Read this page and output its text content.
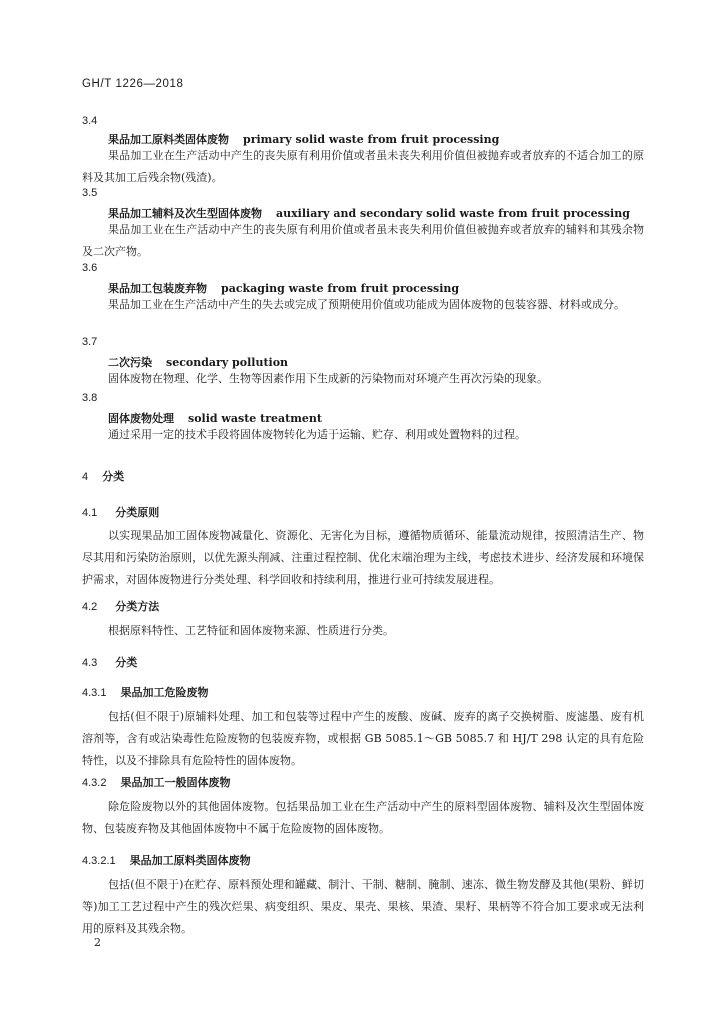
GH/T 1226—2018
3.4
果品加工原料类固体废物 primary solid waste from fruit processing

果品加工业在生产活动中产生的丧失原有利用价值或者虽未丧失利用价值但被抛弃或者放弃的不适合加工的原料及其加工后残余物(残渣)。

3.5
果品加工辅料及次生型固体废物 auxiliary and secondary solid waste from fruit processing

果品加工业在生产活动中产生的丧失原有利用价值或者虽未丧失利用价值但被抛弃或者放弃的辅料和其残余物及二次产物。

3.6
果品加工包装废弃物 packaging waste from fruit processing

果品加工业在生产活动中产生的失去或完成了预期使用价值或功能成为固体废物的包装容器、材料或成分。

3.7
二次污染 secondary pollution

固体废物在物理、化学、生物等因素作用下生成新的污染物而对环境产生再次污染的现象。

3.8
固体废物处理 solid waste treatment

通过采用一定的技术手段将固体废物转化为适于运输、贮存、利用或处置物料的过程。

4 分类
4.1 分类原则

以实现果品加工固体废物减量化、资源化、无害化为目标，遵循物质循环、能量流动规律，按照清洁生产、物尽其用和污染防治原则，以优先源头削减、注重过程控制、优化末端治理为主线，考虑技术进步、经济发展和环境保护需求，对固体废物进行分类处理、科学回收和持续利用，推进行业可持续发展进程。

4.2 分类方法

根据原料特性、工艺特征和固体废物来源、性质进行分类。

4.3 分类
4.3.1 果品加工危险废物

包括(但不限于)原辅料处理、加工和包装等过程中产生的废酸、废碱、废弃的离子交换树脂、废滤墨、废有机溶剂等，含有或沾染毒性危险废物的包装废弃物，或根据 GB 5085.1～GB 5085.7 和 HJ/T 298 认定的具有危险特性，以及不排除具有危险特性的固体废物。

4.3.2 果品加工一般固体废物

除危险废物以外的其他固体废物。包括果品加工业在生产活动中产生的原料型固体废物、辅料及次生型固体废物、包装废弃物及其他固体废物中不属于危险废物的固体废物。

4.3.2.1 果品加工原料类固体废物

包括(但不限于)在贮存、原料预处理和罐藏、制汁、干制、糖制、腌制、速冻、微生物发酵及其他(果粉、鲜切等)加工工艺过程中产生的残次烂果、病变组织、果皮、果壳、果核、果渣、果籽、果柄等不符合加工要求或无法利用的原料及其残余物。

2
